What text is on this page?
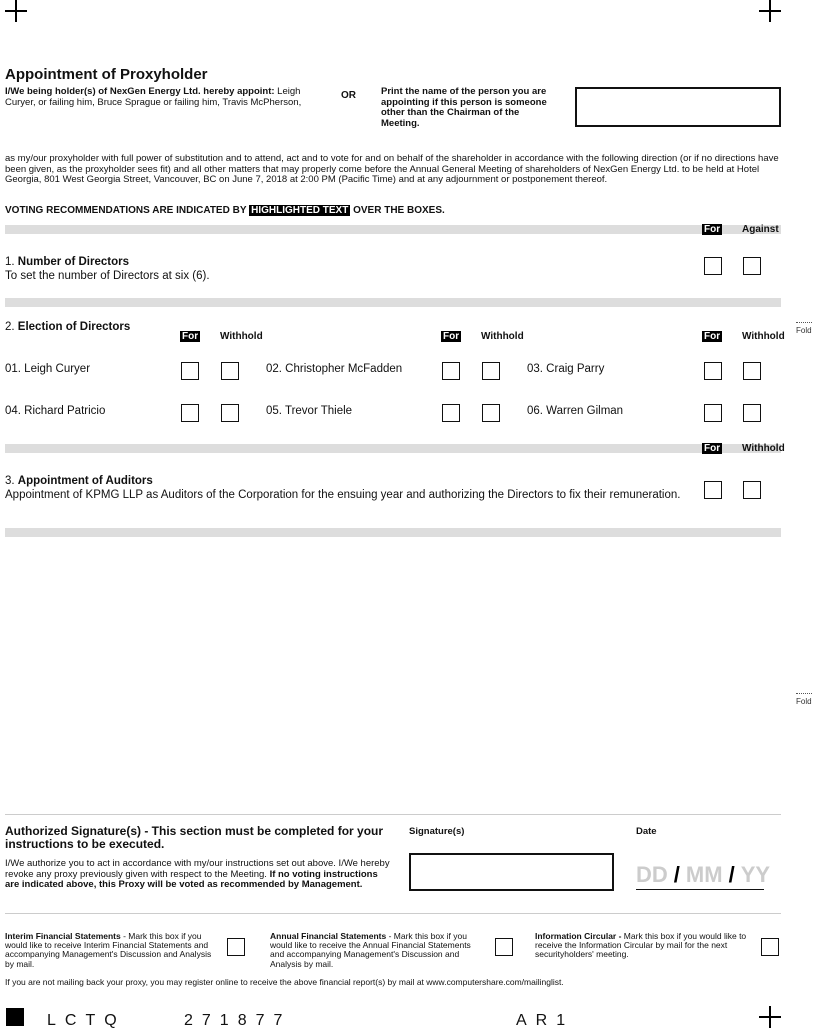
Appointment of Proxyholder
I/We being holder(s) of NexGen Energy Ltd. hereby appoint: Leigh Curyer, or failing him, Bruce Sprague or failing him, Travis McPherson,
OR	Print the name of the person you are appointing if this person is someone other than the Chairman of the Meeting.
as my/our proxyholder with full power of substitution and to attend, act and to vote for and on behalf of the shareholder in accordance with the following direction (or if no directions have been given, as the proxyholder sees fit) and all other matters that may properly come before the Annual General Meeting of shareholders of NexGen Energy Ltd. to be held at Hotel Georgia, 801 West Georgia Street, Vancouver, BC on June 7, 2018 at 2:00 PM (Pacific Time) and at any adjournment or postponement thereof.
VOTING RECOMMENDATIONS ARE INDICATED BY HIGHLIGHTED TEXT OVER THE BOXES.
For Against
1. Number of Directors
To set the number of Directors at six (6).
Fold
2. Election of Directors
For Withhold	For Withhold	For Withhold
01. Leigh Curyer	02. Christopher McFadden	03. Craig Parry
04. Richard Patricio	05. Trevor Thiele	06. Warren Gilman
For Withhold
3. Appointment of Auditors
Appointment of KPMG LLP as Auditors of the Corporation for the ensuing year and authorizing the Directors to fix their remuneration.
Fold
Authorized Signature(s) - This section must be completed for your instructions to be executed.
I/We authorize you to act in accordance with my/our instructions set out above. I/We hereby revoke any proxy previously given with respect to the Meeting. If no voting instructions are indicated above, this Proxy will be voted as recommended by Management.
Signature(s)	Date
DD / MM / YY
Interim Financial Statements - Mark this box if you would like to receive Interim Financial Statements and accompanying Management's Discussion and Analysis by mail.
Annual Financial Statements - Mark this box if you would like to receive the Annual Financial Statements and accompanying Management's Discussion and Analysis by mail.
Information Circular - Mark this box if you would like to receive the Information Circular by mail for the next securityholders' meeting.
If you are not mailing back your proxy, you may register online to receive the above financial report(s) by mail at www.computershare.com/mailinglist.
LCTQ	271877	AR1
